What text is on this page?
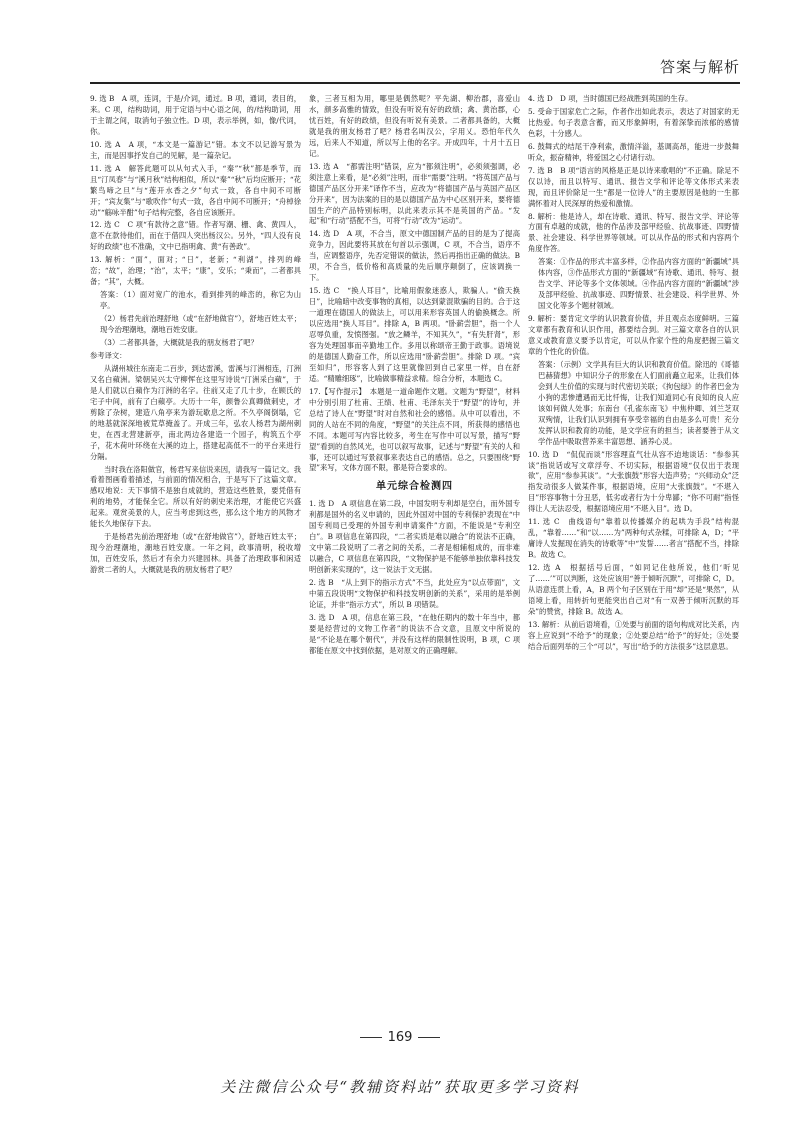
答案与解析
9. 选 B　A 项，连词，于是/介词，通过。B 项，通词，表目的，来。C 项，结构助词，用于定语与中心语之间，的/结构助词，用于主谓之间，取消句子独立性。D 项，表示举例，如，像/代词，你。
10. 选 A　A 项，“本文是一篇游记”错。本文不以记游写景为主，而是因事抒发自己的见解，是一篇杂记。
11. 选 A　解答此题可以从句式入手，“秦”“秋”都是季节，而且“汀凤春”与“溪月秋”结构相似，所以“秦”“秋”后均应断开；“花繁鸟啼之旦”与“莲开水香之夕”句式一致，各自中间不可断开；“宾友集”与“歌吹作”句式一致，各自中间不可断开；“舟棹徐动”“觞咏半酣”句子结构完整，各自应该断开。
12. 选 C　C 项“有款待之意”错。作者写潮、栅、禽、黄四人，意不在款待他们，而在于借四人突出杨汉公。另外，“四人没有良好的政绩”也不准确，文中已指明禽、黄“有善政”。
13. 解析：“面”，面对；“日”，老新；“利湖”，排列的峰峦；“故”，治理；“治”，太平；“康”，安乐；“秉而”，二者都具备；“其”，大概。
答案：（1）面对宽广的池水，看到排列的峰峦的，称它为山亭。
（2）杨君先前治理舒地（或“在舒地做官”），舒地百姓太平；现今治理潮地，潮地百姓安康。
（3）二者都具备，大概就是我的朋友杨君了吧？
参考译文：
从湖州城往东南走二百步，到达雷溪，雷溪与汀洲相连，汀洲又名白蘋洲。梁朝吴兴太守柳恽在这里写诗说“汀洲采白蘋”，于是人们就以白蘋作为汀洲的名字。往前又走了几十步，在顾氏的宅子中间，前有了白蘋亭。大历十一年，颜鲁公真卿做刺史，才剪除了杂树，建造八角亭来为游玩歇息之所。不久亭阁倒塌，它的地基就深深地被荒草掩盖了。开成三年，弘农人杨君为湖州刺史，在西北营建新亭，南北两边各建造一个园子，构筑五个亭子，花木荷叶环绕在大溪的边上，搭建起高低不一的平台来进行分隔。
当时我在洛阳做官，杨君写来信说来因，请我写一篇记文。我看着图画看着描述，与前面的情况相合，于是写下了这篇文章。感叹地说：天下事情不是独自成就的，营造这些胜景，要凭借有利的地势，才能保全它。所以有好的刺史来治理，才能使它兴盛起来。观赏美景的人，应当考虑到这些，那么这个地方的风物才能长久地保存下去。
于是杨君先前治理舒地（或“在舒地做官”），舒地百姓太平；现今治理潮地，潮地百姓安康。一年之间，政事清明，税收增加，百姓安乐，然后才有余力兴建园林。具备了治理政事和闲适游赏二者的人，大概就是我的朋友杨君了吧？
象，三者互相为用，哪里是偶然呢？平先湖、柳治郡，喜爱山水，颜多高雅的情致，但没有听说有好的政绩；禽、黄治郡，心忧百姓，有好的政绩，但没有听说有美景。二者都具备的，大概就是我的朋友杨君了吧？杨君名叫汉公，字用乂。恐怕年代久远，后来人不知道，所以写上他的名字。开成四年，十月十五日记。
13. 选 A　“都需注明”错误，应为“都须注明”，必须须强调，必须注意上来看，是“必须”注明，而非“需要”注明。“将英国产品与德国产品区分开来”译作不当，应改为“将德国产品与英国产品区分开来”，因为法案的目的是以德国产品为中心区别开来，要将德国生产的产品特别标明，以此来表示其不是英国的产品。“发起”和“行动”搭配不当，可将“行动”改为“运动”。
14. 选 D　A 项，不合当，原文中德国制产品的目的是为了提高竞争力，因此要将其放在句首以示强调，C 项，不合当，语序不当，应调整语序，先否定错误的做法，然后再指出正确的做法。B 项，不合当，低价格和高质量的先后顺序颠倒了，应该调换一下。
15. 选 C　“换人耳目”，比喻用假象迷惑人，欺骗人。“偷天换日”，比喻暗中改变事物的真相，以达到蒙混欺骗的目的。合于这一道理在德国人的做法上，可以用来形容英国人的偷换概念。所以应选用“换人耳目”。排除 A，B 两项。“卧薪尝胆”，指一个人忍辱负重，发愤图强。“放之鳞羊，不知其久”，“有失肝肾”，形容为处理国事而辛勤地工作。多用以称颂帝王勤于政事。语境说的是德国人勤奋工作，所以应选用“卧薪尝胆”。排除 D 项。“宾至如归”，形容客人到了这里就像回到自己家里一样，自在舒适。“精雕细琢”，比喻做事精益求精。综合分析，本题选 C。
17.【写作提示】　本题是一道命题作文题。文题为“野望”，材料中分别引用了杜甫、王绩、杜甫、毛泽东关于“野望”的诗句，并总结了诗人在“野望”时对自然和社会的感悟。从中可以看出，不同的人站在不同的角度，“野望”的关注点不同，所获得的感悟也不同。本题可写内容比较多，考生在写作中可以写景，描写“野望”看到的自然风光，也可以叙写故事，记述与“野望”有关的人和事，还可以通过写景叙事来表达自己的感悟。总之，只要围绕“野望”来写，文体方面不限，都是符合要求的。
单元综合检测四
1. 选 D　A 项信息在第二段，中国发明专利却是空白，而外国专利都是国外的名义申请的，因此外国对中国的专利保护表现在“中国专利局已受理的外国专利申请案件”方面，不能说是“专利空白”。B 项信息在第四段，“二者实质是难以融合”的说法不正确，文中第二段说明了二者之间的关系，二者是相辅相成的，而非难以融合，C 项信息在第四段，“文物保护是不能够单独依靠科技发明创新来实现的”，这一说法于文无据。
2. 选 B　“从上到下的指示方式”不当，此处应为“以点带面”，文中第五段说明“文物保护和科技发明创新的关系”，采用的是举例论证，并非“指示方式”，所以 B 项错误。
3. 选 D　A 项，信息在第三段，“在他任期内的数十年当中，都要是经营过的文物工作者”的说法不合文意，且原文中所说的是“不论是在哪个朝代”，并没有这样的限制性说明，B 项，C 项都能在原文中找到依据，是对原文的正确理解。
4. 选 D　D 项，当时德国已经战胜到英国的生存。
5. 受命于国家危亡之际，作者作出如此表示，表达了对国家的无比热爱。句子表意含蓄，而又形象鲜明，有着深挚而浓郁的感情色彩，十分感人。
6. 鼓舞式的结尾干净利索，激情洋溢，基调高昂，能进一步鼓舞听众，振奋精神，将爱国之心付诸行动。
7. 选 B　B 项“语言的风格是正是以诗来歌唱的”不正确。除足不仅以诗，而且以特写、通讯、报告文学和评论等文体形式来表现，而且评价除足一生“都是一位诗人”的主要原因是他的一生都满怀着对人民深厚的热爱和激情。
8. 解析：他是诗人，却在诗歌、通讯、特写、报告文学、评论等方面有卓越的成就，他的作品涉及部甲经验、抗战事迹、四野情景、社会建设、科学世界等领域。可以从作品的形式和内容两个角度作答。
答案：①作品的形式丰富多样，②作品内容方面的“新疆域”具体内容，③作品形式方面的“新疆域”有诗歌、通讯、特写、报告文学、评论等多个文体领域。④作品内容方面的“新疆域”涉及部甲经验、抗战事迹、四野情景、社会建设、科学世界、外国文化等多个题材领域。
9. 解析：要肯定文学的认识教育价值，并且观点态度鲜明。三篇文章都有教育和认识作用，都要结合到。对三篇文章各自的认识意义或教育意义要予以肯定，可以从作家个性的角度把握三篇文章的个性化的价值。
答案：（示例）文学具有巨大的认识和教育价值。除迅的《哥德巴赫猜想》中知识分子的形象在人们面前矗立起来，让我们体会到人生价值的实现与时代密切关联；《拘包绿》的作者巴金为小狗的悲惨遭遇而无比忏悔，让我们知道同心有良知的良人应该如何做人处事；东南台《孔雀东南飞》中焦仲卿、刘兰芝双双殉情，让我们认识到拥有享受幸福的自由是多么可贵！充分发挥认识和教育的功能，是文学应有的担当；读者要善于从文学作品中吸取营养来丰富思想、涵养心灵。
10. 选 D　“侃侃而谈”形容理直气壮从容不迫地谈话：“参参其谈”指说话或写文章浮夸、不切实际，根据语境“仅仅出于表现欲”，应用“参参其谈”。“大张旗鼓”形容大造声势；“兴师动众”泛指发动很多人做某件事，根据语境，应用“大张旗鼓”。“不堪入目”形容事物十分丑恶，低劣或者行为十分卑鄙；“你不可耐”指怪得让人无法忍受，根据语境应用“不堪入目”。选 D。
11. 选 C　曲线语句“靠着以传播媒介的起哄为手段”结构混乱，“靠着……”和“以……为”两种句式杂糅，可排除 A，D；“平庸诗人发掘现在消失的诗歌等”中“发誓……者言”搭配不当，排除 B。故选 C。
12. 选 A　根据括号后面，“如同记住他所说，他们‘听见了……’”可以判断，这处应该用“善于倾听沉默”，可排除 C，D。从语意连贯上看，A，B 两个句子区别在于用“却”还是“果然”，从语境上看，用转折句更能突出自己对“有一双善于倾听沉默的耳朵”的赞赏，排除 B。故选 A。
13. 解析：从前后语境看，①处要与前面的语句构成对比关系，内容上应说到“不给予”的现象；②处要总结“给予”的好处；③处要结合后面列举的三个“可以”，写出“给予的方法很多”这层意思。
169
关注微信公众号“教辅资料站”获取更多学习资料
